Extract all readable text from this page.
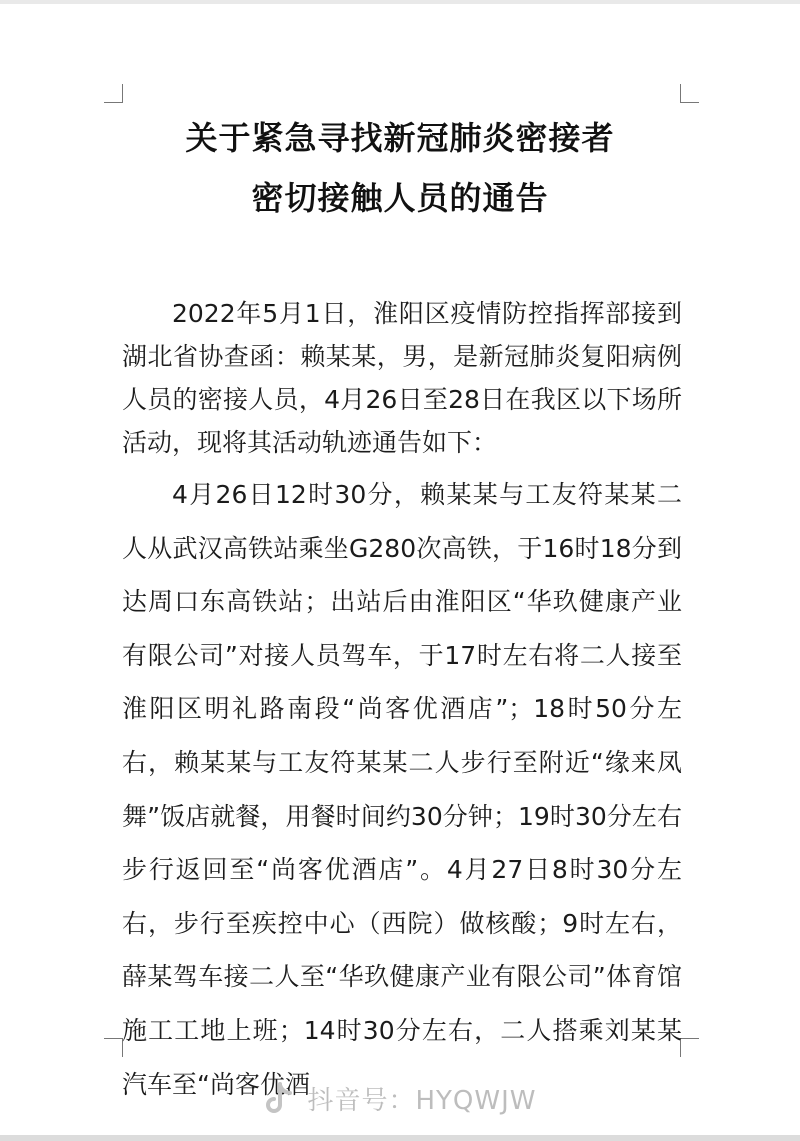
关于紧急寻找新冠肺炎密接者
密切接触人员的通告
2022年5月1日，淮阳区疫情防控指挥部接到湖北省协查函：赖某某，男，是新冠肺炎复阳病例人员的密接人员，4月26日至28日在我区以下场所活动，现将其活动轨迹通告如下：
4月26日12时30分，赖某某与工友符某某二人从武汉高铁站乘坐G280次高铁，于16时18分到达周口东高铁站；出站后由淮阳区“华玖健康产业有限公司”对接人员驾车，于17时左右将二人接至淮阳区明礼路南段“尚客优酒店”；18时50分左右，赖某某与工友符某某二人步行至附近“缘来凤舞”饭店就餐，用餐时间约30分钟；19时30分左右步行返回至“尚客优酒店”。4月27日8时30分左右，步行至疾控中心（西院）做核酸；9时左右，薛某驾车接二人至“华玖健康产业有限公司”体育馆施工工地上班；14时30分左右，二人搭乘刘某某汽车至“尚客优酒
抖音号：HYQWJW
